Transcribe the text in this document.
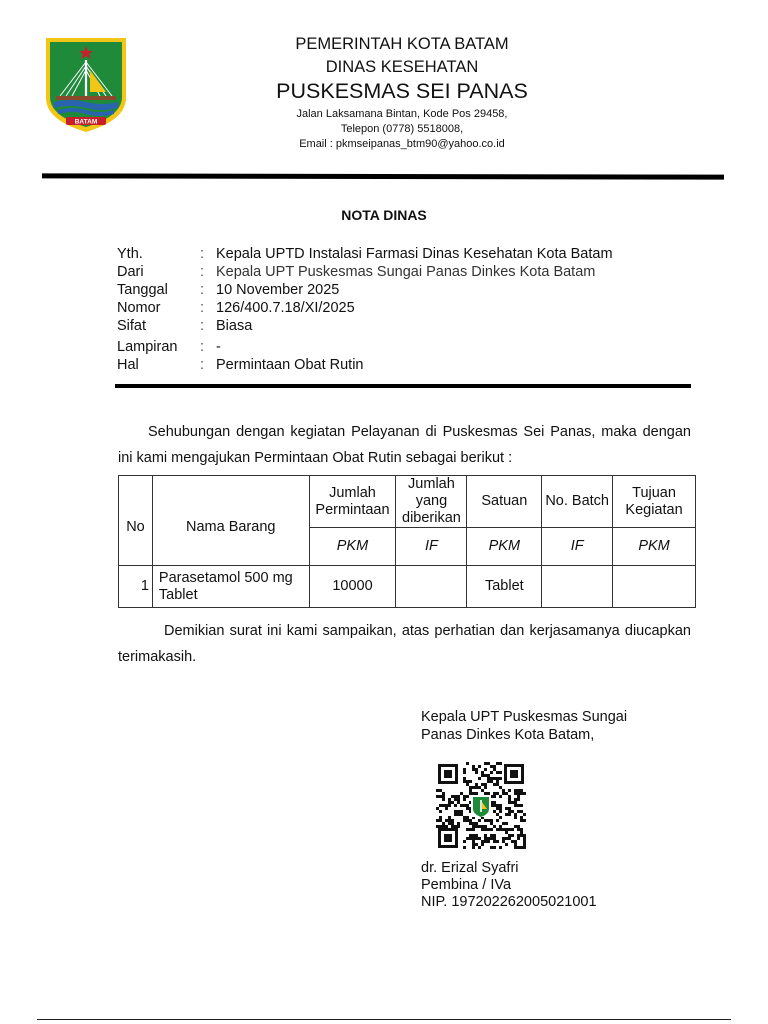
BATAM
PEMERINTAH KOTA BATAM
DINAS KESEHATAN
PUSKESMAS SEI PANAS
Jalan Laksamana Bintan, Kode Pos 29458,
Telepon (0778) 5518008,
Email : pkmseipanas_btm90@yahoo.co.id
NOTA DINAS
Yth.	: Kepala UPTD Instalasi Farmasi Dinas Kesehatan Kota Batam
Dari	: Kepala UPT Puskesmas Sungai Panas Dinkes Kota Batam
Tanggal : 10 November 2025
Nomor	: 126/400.7.18/XI/2025
Sifat	: Biasa
Lampiran : -
Hal	: Permintaan Obat Rutin

Sehubungan dengan kegiatan Pelayanan di Puskesmas Sei Panas, maka dengan ini kami mengajukan Permintaan Obat Rutin sebagai berikut :

No	Nama Barang	Jumlah Permintaan	Jumlah yang diberikan	Satuan	No. Batch	Tujuan Kegiatan
		PKM	IF	PKM	IF	PKM
1	Parasetamol 500 mg Tablet	10000		Tablet		

Demikian surat ini kami sampaikan, atas perhatian dan kerjasamanya diucapkan terimakasih.

Kepala UPT Puskesmas Sungai
Panas Dinkes Kota Batam,
dr. Erizal Syafri
Pembina / IVa
NIP. 197202262005021001
